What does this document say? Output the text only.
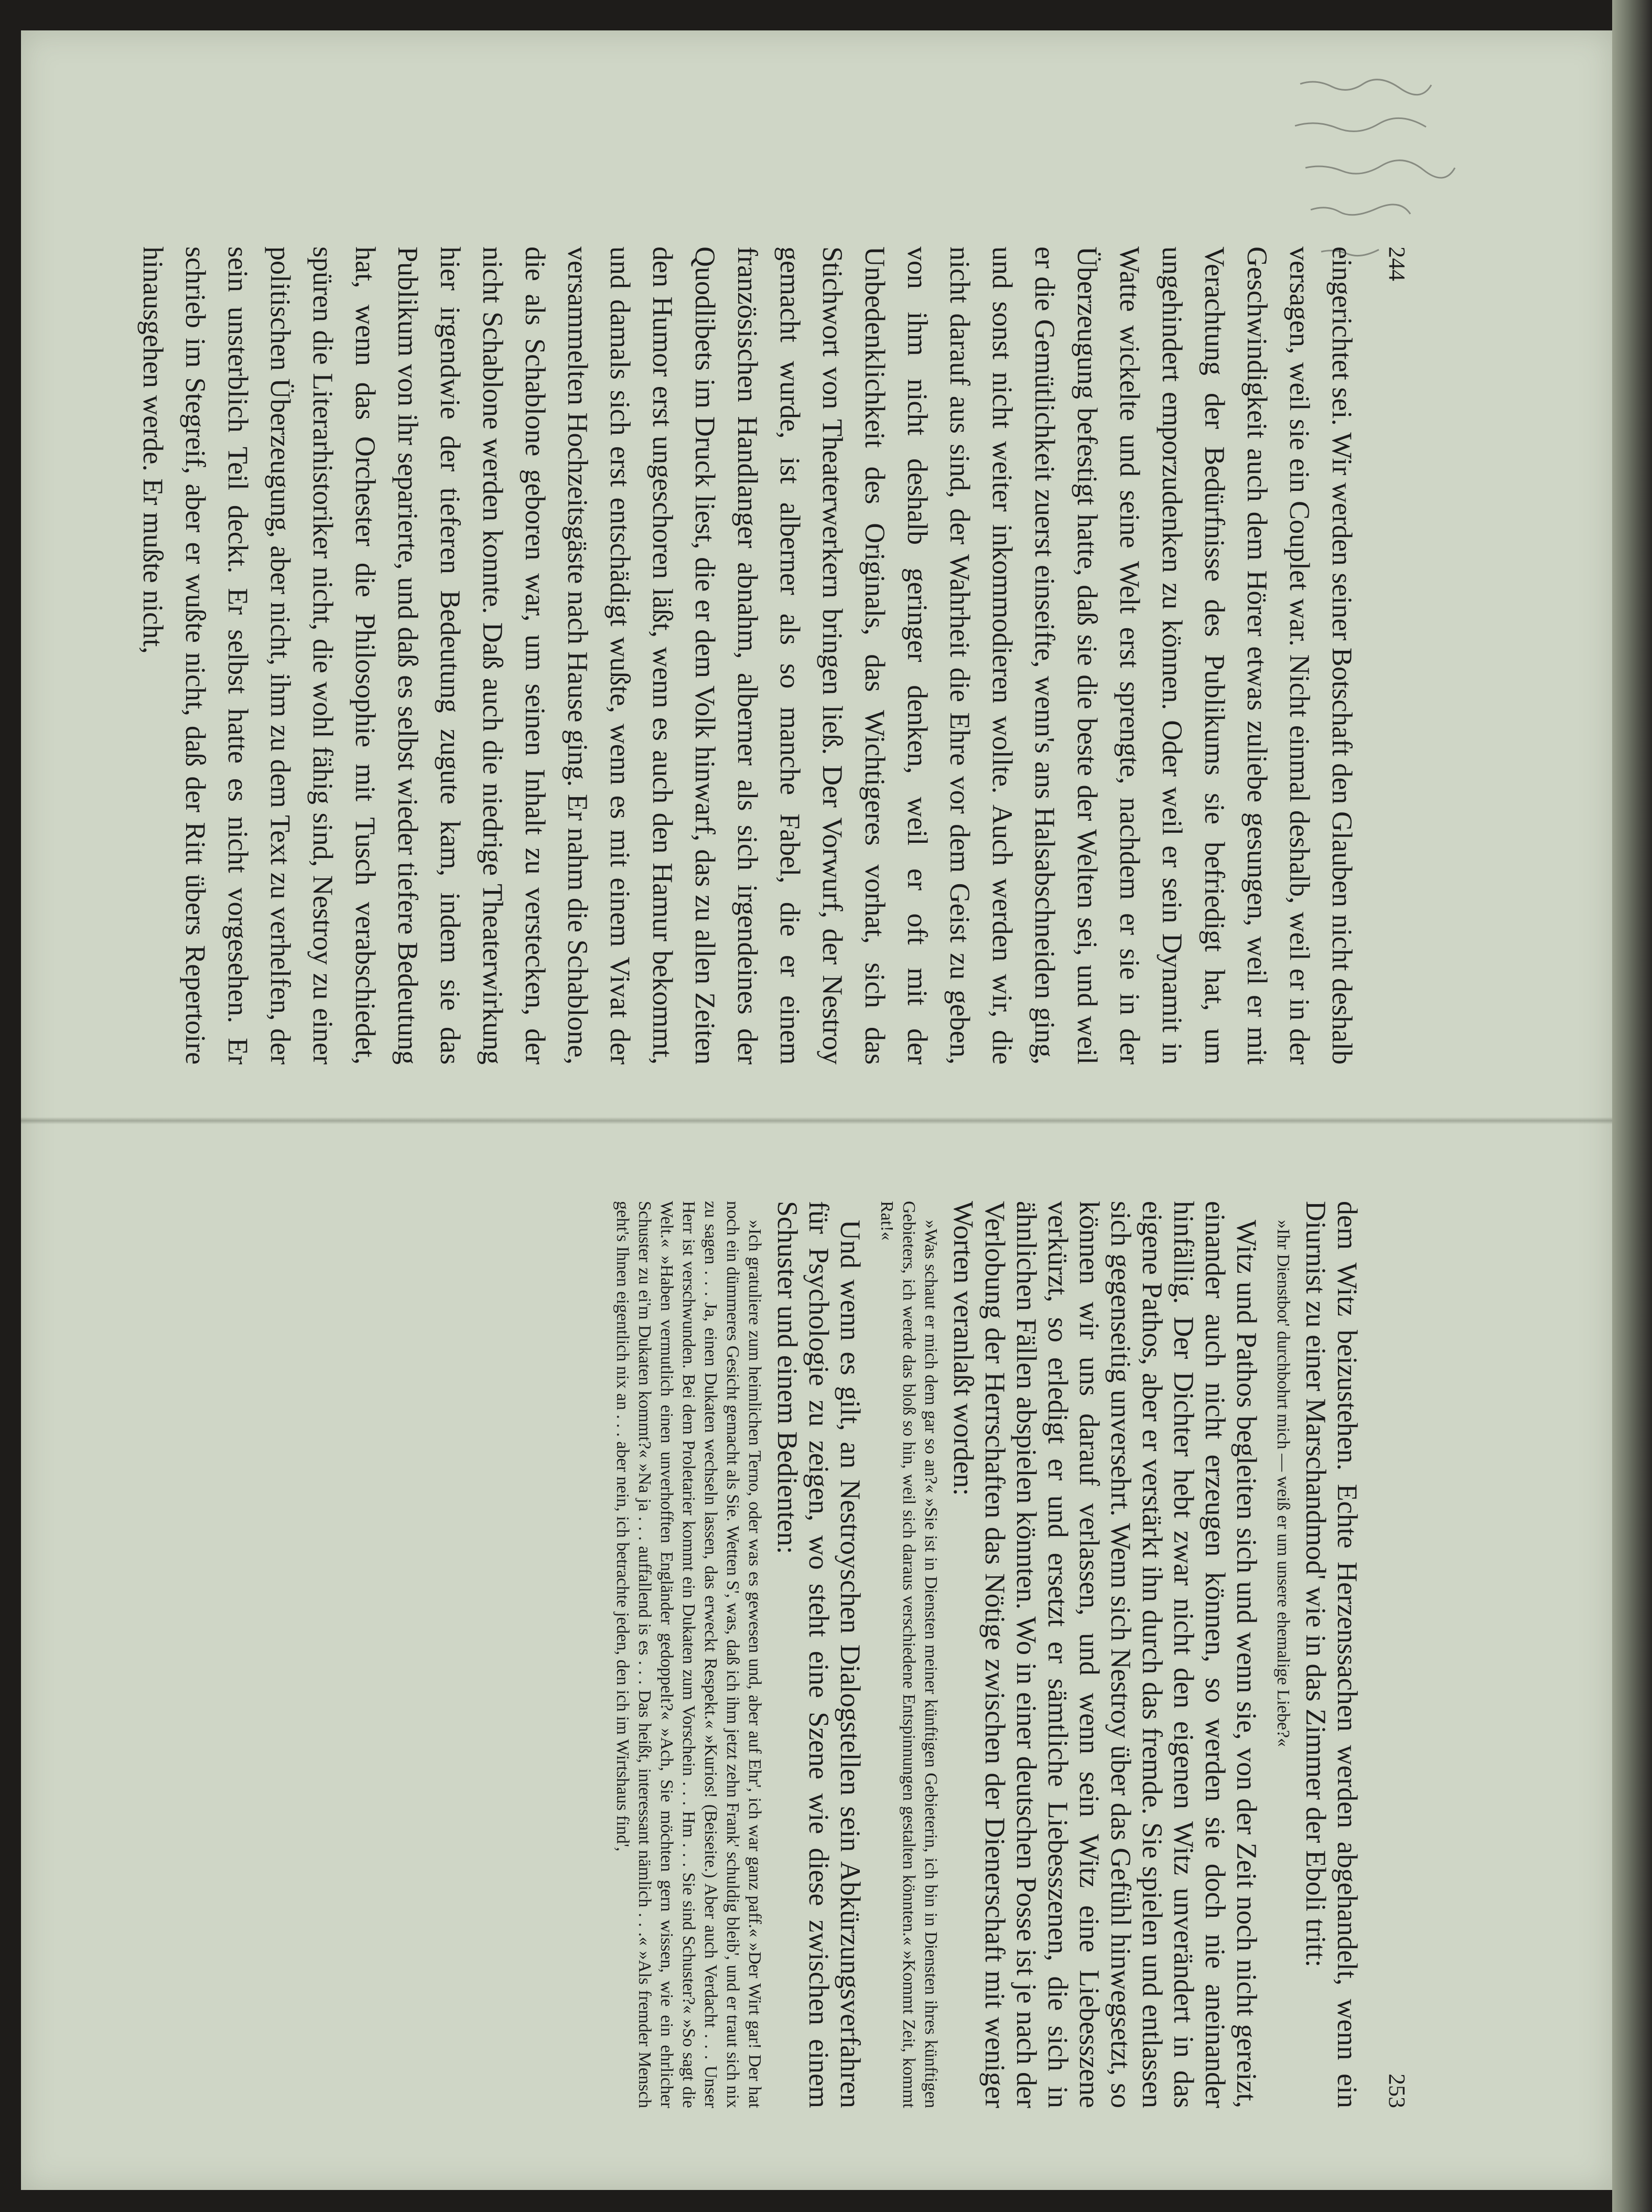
244

eingerichtet sei. Wir werden seiner Botschaft den Glauben nicht deshalb versagen, weil sie ein Couplet war. Nicht einmal deshalb, weil er in der Geschwindigkeit auch dem Hörer etwas zuliebe gesungen, weil er mit Verachtung der Bedürfnisse des Publikums sie befriedigt hat, um ungehindert emporzudenken zu können. Oder weil er sein Dynamit in Watte wickelte und seine Welt erst sprengte, nachdem er sie in der Überzeugung befestigt hatte, daß sie die beste der Welten sei, und weil er die Gemütlichkeit zuerst einseifte, wenn's ans Halsabschneiden ging, und sonst nicht weiter inkommodieren wollte. Auch werden wir, die nicht darauf aus sind, der Wahrheit die Ehre vor dem Geist zu geben, von ihm nicht deshalb geringer denken, weil er oft mit der Unbedenklichkeit des Originals, das Wichtigeres vorhat, sich das Stichwort von Theaterwerkern bringen ließ. Der Vorwurf, der Nestroy gemacht wurde, ist alberner als so manche Fabel, die er einem französischen Handlanger abnahm, alberner als sich irgendeines der Quodlibets im Druck liest, die er dem Volk hinwarf, das zu allen Zeiten den Humor erst ungeschoren läßt, wenn es auch den Hamur bekommt, und damals sich erst entschädigt wußte, wenn es mit einem Vivat der versammelten Hochzeitsgäste nach Hause ging. Er nahm die Schablone, die als Schablone geboren war, um seinen Inhalt zu verstecken, der nicht Schablone werden konnte. Daß auch die niedrige Theaterwirkung hier irgendwie der tieferen Bedeutung zugute kam, indem sie das Publikum von ihr separierte, und daß es selbst wieder tiefere Bedeutung hat, wenn das Orchester die Philosophie mit Tusch verabschiedet, spüren die Literarhistoriker nicht, die wohl fähig sind, Nestroy zu einer politischen Überzeugung, aber nicht, ihm zu dem Text zu verhelfen, der sein unsterblich Teil deckt. Er selbst hatte es nicht vorgesehen. Er schrieb im Stegreif, aber er wußte nicht, daß der Ritt übers Repertoire hinausgehen werde. Er mußte nicht,

253

dem Witz beizustehen. Echte Herzenssachen werden abgehandelt, wenn ein Diurnist zu einer Marschandmod' wie in das Zimmer der Eboli tritt:

»Ihr Dienstbot' durchbohrt mich — weiß er um unsere ehemalige Liebe?«

Witz und Pathos begleiten sich und wenn sie, von der Zeit noch nicht gereizt, einander auch nicht erzeugen können, so werden sie doch nie aneinander hinfällig. Der Dichter hebt zwar nicht den eigenen Witz unverändert in das eigene Pathos, aber er verstärkt ihn durch das fremde. Sie spielen und entlassen sich gegenseitig unversehrt. Wenn sich Nestroy über das Gefühl hinwegsetzt, so können wir uns darauf verlassen, und wenn sein Witz eine Liebesszene verkürzt, so erledigt er und ersetzt er sämtliche Liebesszenen, die sich in ähnlichen Fällen abspielen könnten. Wo in einer deutschen Posse ist je nach der Verlobung der Herrschaften das Nötige zwischen der Dienerschaft mit weniger Worten veranlaßt worden:

»Was schaut er mich dem gar so an?« »Sie ist in Diensten meiner künftigen Gebieterin, ich bin in Diensten ihres künftigen Gebieters, ich werde das bloß so hin, weil sich daraus verschiedene Entspinnungen gestalten könnten.« »Kommt Zeit, kommt Rat!«

Und wenn es gilt, an Nestroyschen Dialogstellen sein Abkürzungsverfahren für Psychologie zu zeigen, wo steht eine Szene wie diese zwischen einem Schuster und einem Bedienten:

»Ich gratuliere zum heimlichen Terno, oder was es gewesen und, aber auf Ehr', ich war ganz paff.« »Der Wirt gar! Der hat noch ein dümmeres Gesicht gemacht als Sie. Wetten S', was, daß ich ihm jetzt zehn Frank' schuldig bleib', und er traut sich nix zu sagen . . . Ja, einen Dukaten wechseln lassen, das erweckt Respekt.« »Kurios! (Beiseite.) Aber auch Verdacht . . . Unser Herr ist verschwunden. Bei dem Proletarier kommt ein Dukaten zum Vorschein . . . Hm . . . Sie sind Schuster?« »So sagt die Welt.« »Haben vermutlich einen unverhofften Engländer gedoppelt?« »Ach, Sie möchten gern wissen, wie ein ehrlicher Schuster zu ei'm Dukaten kommt?« »Na ja . . . auffallend is es . . . Das heißt, interessant nämlich . . .« »Als fremder Mensch geht's Ihnen eigentlich nix an . . . aber nein, ich betrachte jeden, den ich im Wirtshaus find',
